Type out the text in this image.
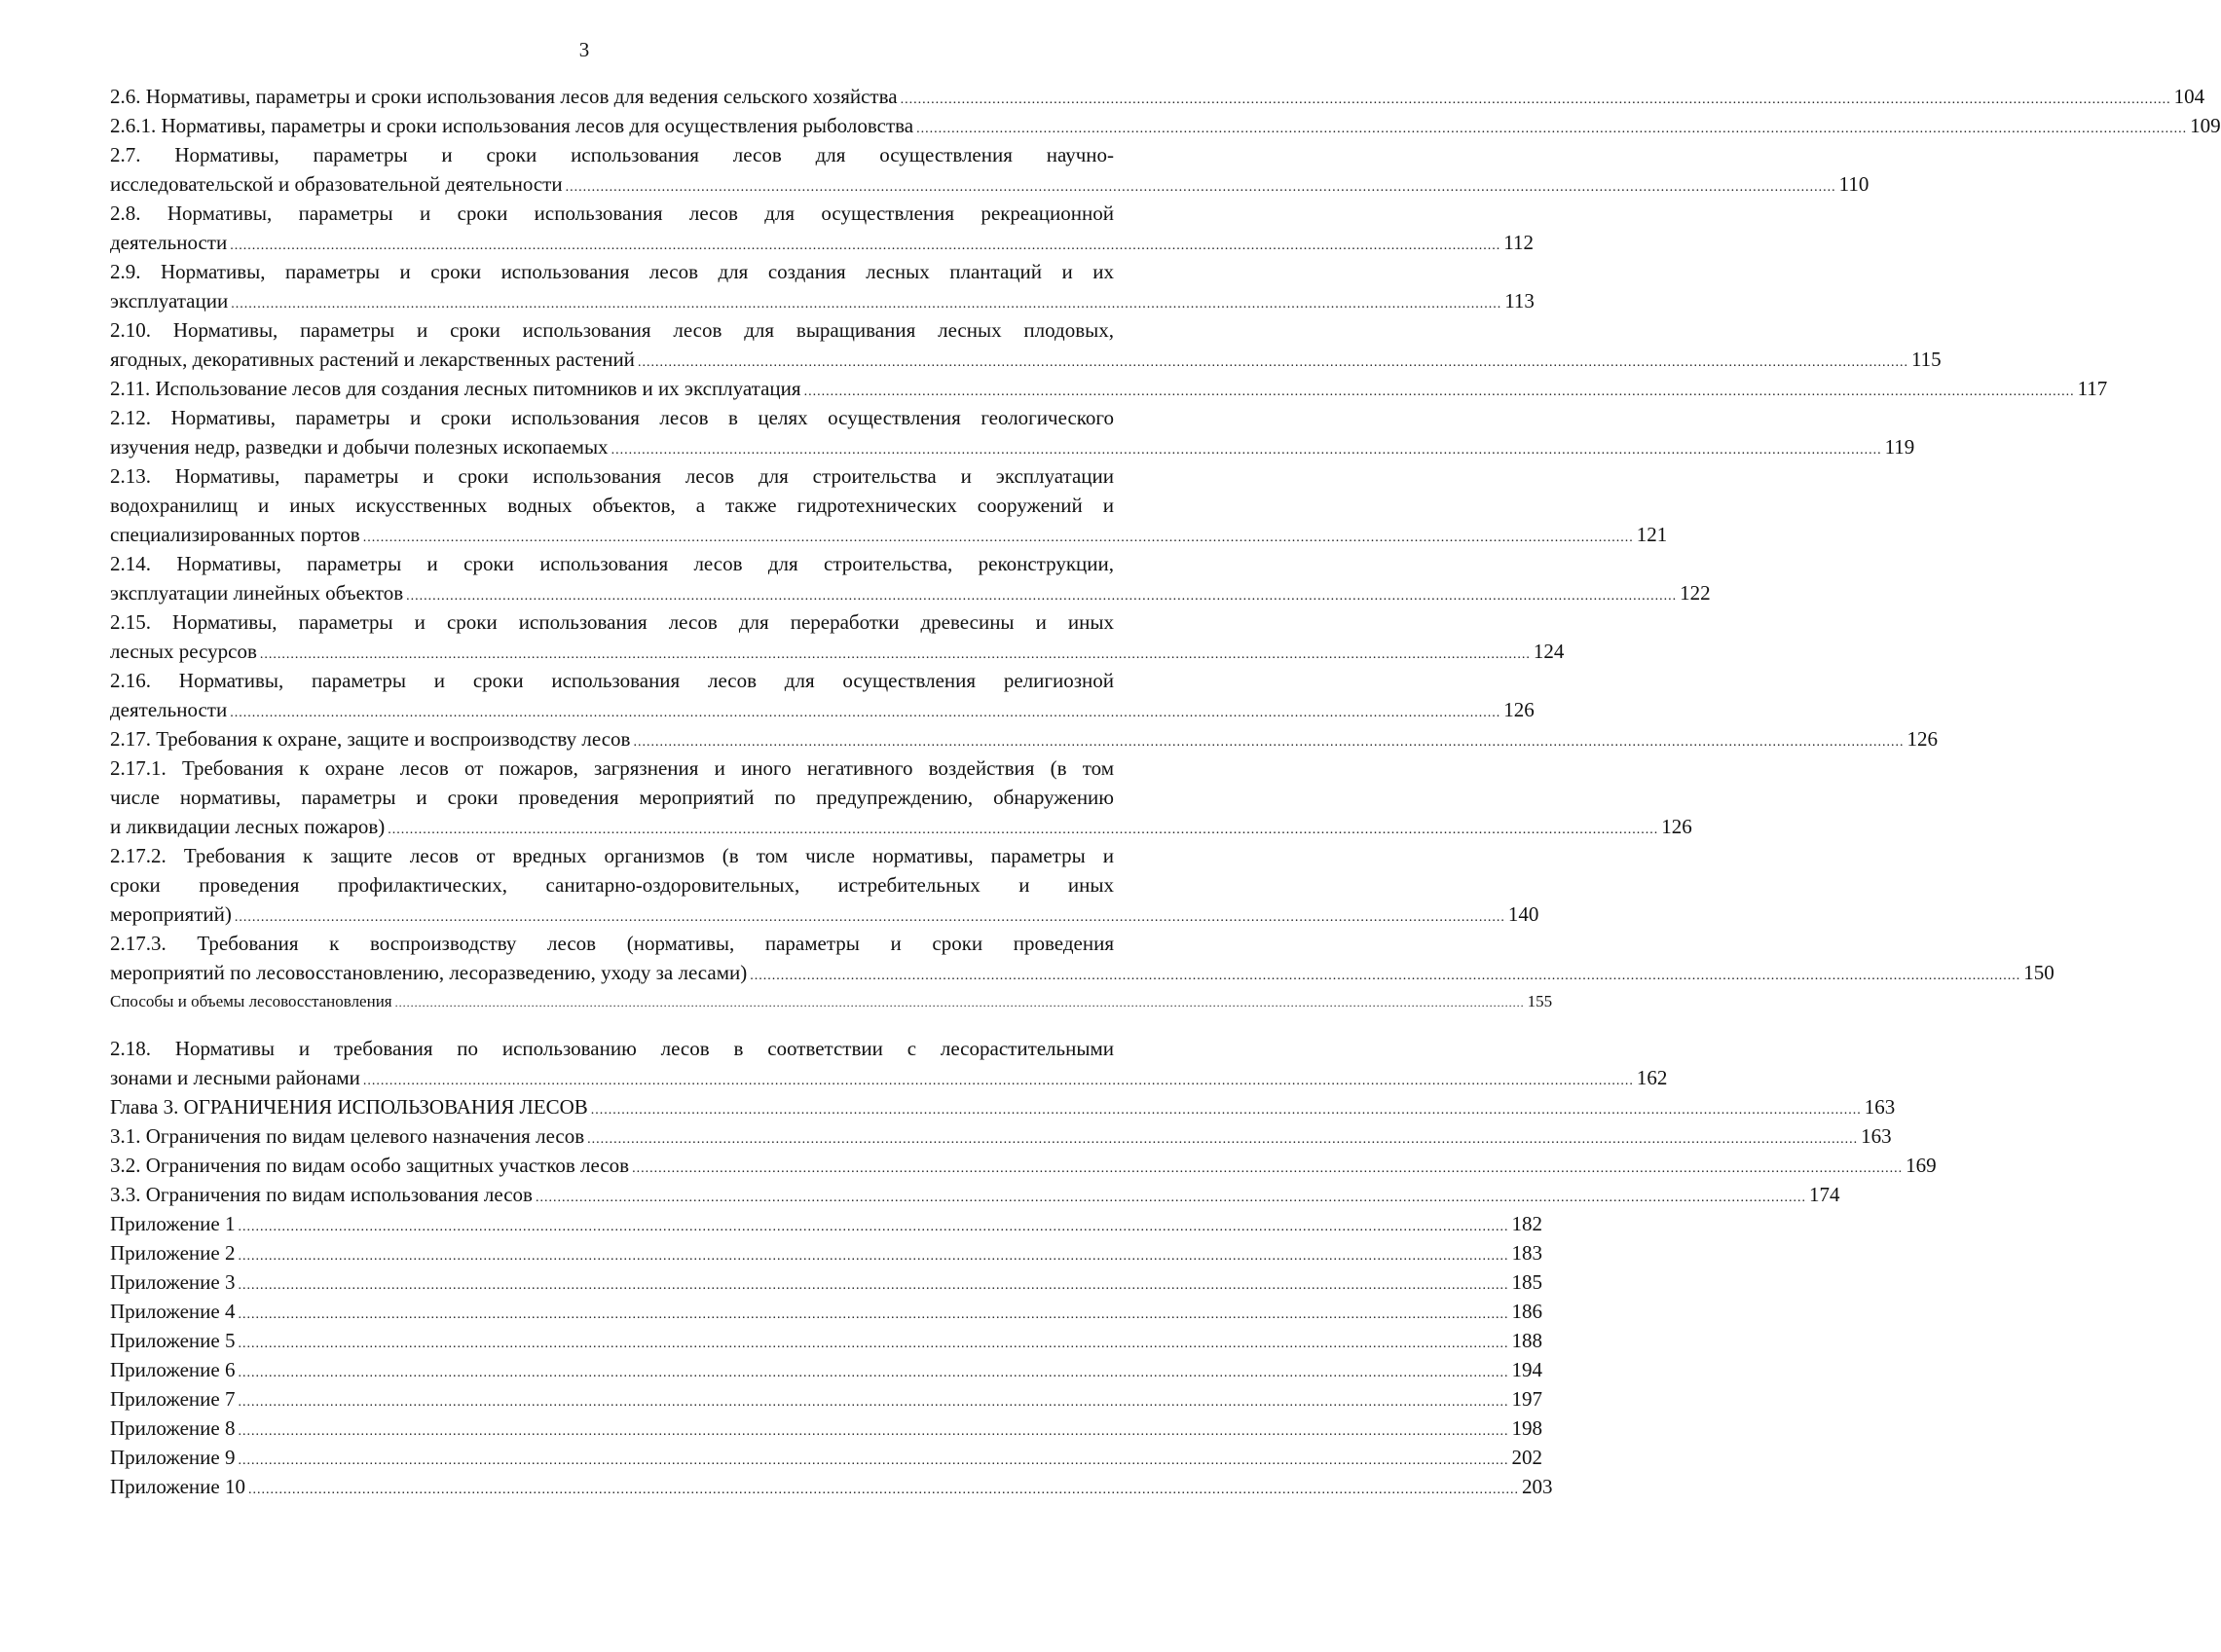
3
2.6. Нормативы, параметры и сроки использования лесов для ведения сельского хозяйства .....	104
2.6.1. Нормативы, параметры и сроки использования лесов для осуществления рыболовства .....	109
2.7. Нормативы, параметры и сроки использования лесов для осуществления научно-
исследовательской и образовательной деятельности .....	110
2.8. Нормативы, параметры и сроки использования лесов для осуществления рекреационной
деятельности .....	112
2.9. Нормативы, параметры и сроки использования лесов для создания лесных плантаций и их
эксплуатации .....	113
2.10. Нормативы, параметры и сроки использования лесов для выращивания лесных плодовых,
ягодных, декоративных растений и лекарственных растений .....	115
2.11. Использование лесов для создания лесных питомников и их эксплуатация .....	117
2.12. Нормативы, параметры и сроки использования лесов в целях осуществления геологического
изучения недр, разведки и добычи полезных ископаемых .....	119
2.13. Нормативы, параметры и сроки использования лесов для строительства и эксплуатации
водохранилищ и иных искусственных водных объектов, а также гидротехнических сооружений и
специализированных портов .....	121
2.14. Нормативы, параметры и сроки использования лесов для строительства, реконструкции,
эксплуатации линейных объектов .....	122
2.15. Нормативы, параметры и сроки использования лесов для переработки древесины и иных
лесных ресурсов .....	124
2.16. Нормативы, параметры и сроки использования лесов для осуществления религиозной
деятельности .....	126
2.17. Требования к охране, защите и воспроизводству лесов .....	126
2.17.1. Требования к охране лесов от пожаров, загрязнения и иного негативного воздействия (в том
числе нормативы, параметры и сроки проведения мероприятий по предупреждению, обнаружению
и ликвидации лесных пожаров) .....	126
2.17.2. Требования к защите лесов от вредных организмов (в том числе нормативы, параметры и
сроки проведения профилактических, санитарно-оздоровительных, истребительных и иных
мероприятий) .....	140
2.17.3. Требования к воспроизводству лесов (нормативы, параметры и сроки проведения
мероприятий по лесовосстановлению, лесоразведению, уходу за лесами) .....	150
Способы и объемы лесовосстановления .....	155
2.18. Нормативы и требования по использованию лесов в соответствии с лесорастительными
зонами и лесными районами .....	162
Глава 3. ОГРАНИЧЕНИЯ ИСПОЛЬЗОВАНИЯ ЛЕСОВ .....	163
3.1. Ограничения по видам целевого назначения лесов .....	163
3.2. Ограничения по видам особо защитных участков лесов .....	169
3.3. Ограничения по видам использования лесов .....	174
Приложение 1 .....	182
Приложение 2 .....	183
Приложение 3 .....	185
Приложение 4 .....	186
Приложение 5 .....	188
Приложение 6 .....	194
Приложение 7 .....	197
Приложение 8 .....	198
Приложение 9 .....	202
Приложение 10 .....	203
